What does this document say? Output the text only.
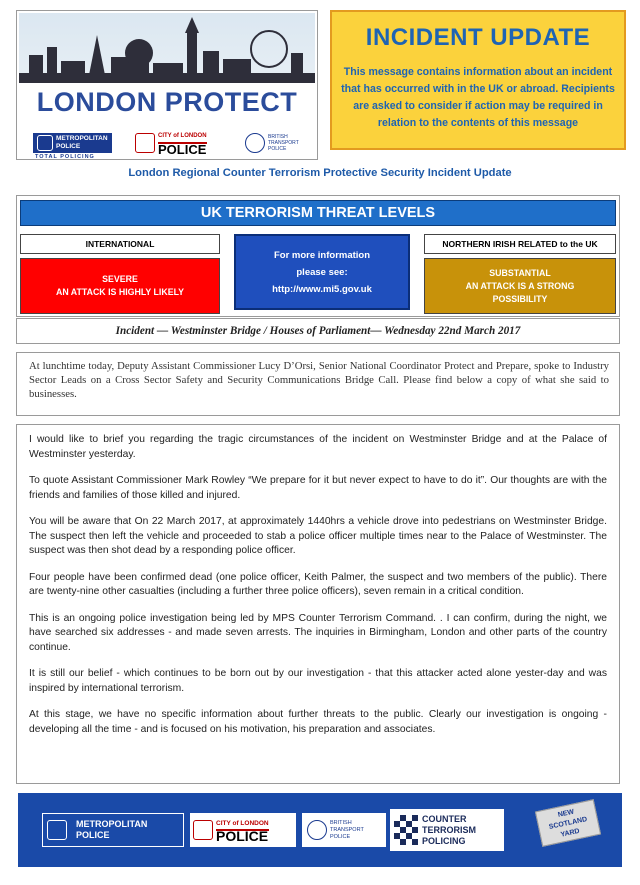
LONDON PROTECT
METROPOLITAN
POLICE
TOTAL POLICING
CITY of LONDON
POLICE
BRITISH
TRANSPORT
POLICE
INCIDENT UPDATE
This message contains information about an incident that has occurred with in the UK or abroad. Recipients are asked to consider if action may be required in relation to the contents of this message
London Regional Counter Terrorism Protective Security Incident Update
UK TERRORISM THREAT LEVELS
INTERNATIONAL
SEVERE
AN ATTACK IS HIGHLY LIKELY
For more information
please see:
http://www.mi5.gov.uk
NORTHERN IRISH RELATED to the UK
SUBSTANTIAL
AN ATTACK IS A STRONG
POSSIBILITY
Incident — Westminster Bridge / Houses of Parliament— Wednesday 22nd March 2017
At lunchtime today, Deputy Assistant Commissioner Lucy D’Orsi, Senior National Coordinator Protect and Prepare, spoke to Industry Sector Leads on a Cross Sector Safety and Security Communications Bridge Call. Please find below a copy of what she said to businesses.

I would like to brief you regarding the tragic circumstances of the incident on Westminster Bridge and at the Palace of Westminster yesterday.

To quote Assistant Commissioner Mark Rowley “We prepare for it but never expect to have to do it”. Our thoughts are with the friends and families of those killed and injured.

You will be aware that On 22 March 2017, at approximately 1440hrs a vehicle drove into pedestrians on Westminster Bridge. The suspect then left the vehicle and proceeded to stab a police officer multiple times near to the Palace of Westminster. The suspect was then shot dead by a responding police officer.

Four people have been confirmed dead (one police officer, Keith Palmer, the suspect and two members of the public). There are twenty-nine other casualties (including a further three police officers), seven remain in a critical condition.

This is an ongoing police investigation being led by MPS Counter Terrorism Command. . I can confirm, during the night, we have searched six addresses - and made seven arrests. The inquiries in Birmingham, London and other parts of the country continue.

It is still our belief - which continues to be born out by our investigation - that this attacker acted alone yester-day and was inspired by international terrorism.

At this stage, we have no specific information about further threats to the public. Clearly our investigation is ongoing - developing all the time - and is focused on his motivation, his preparation and associates.

METROPOLITAN
POLICE
CITY of LONDON
POLICE
BRITISH
TRANSPORT
POLICE
COUNTER
TERRORISM
POLICING
NEW
SCOTLAND
YARD
